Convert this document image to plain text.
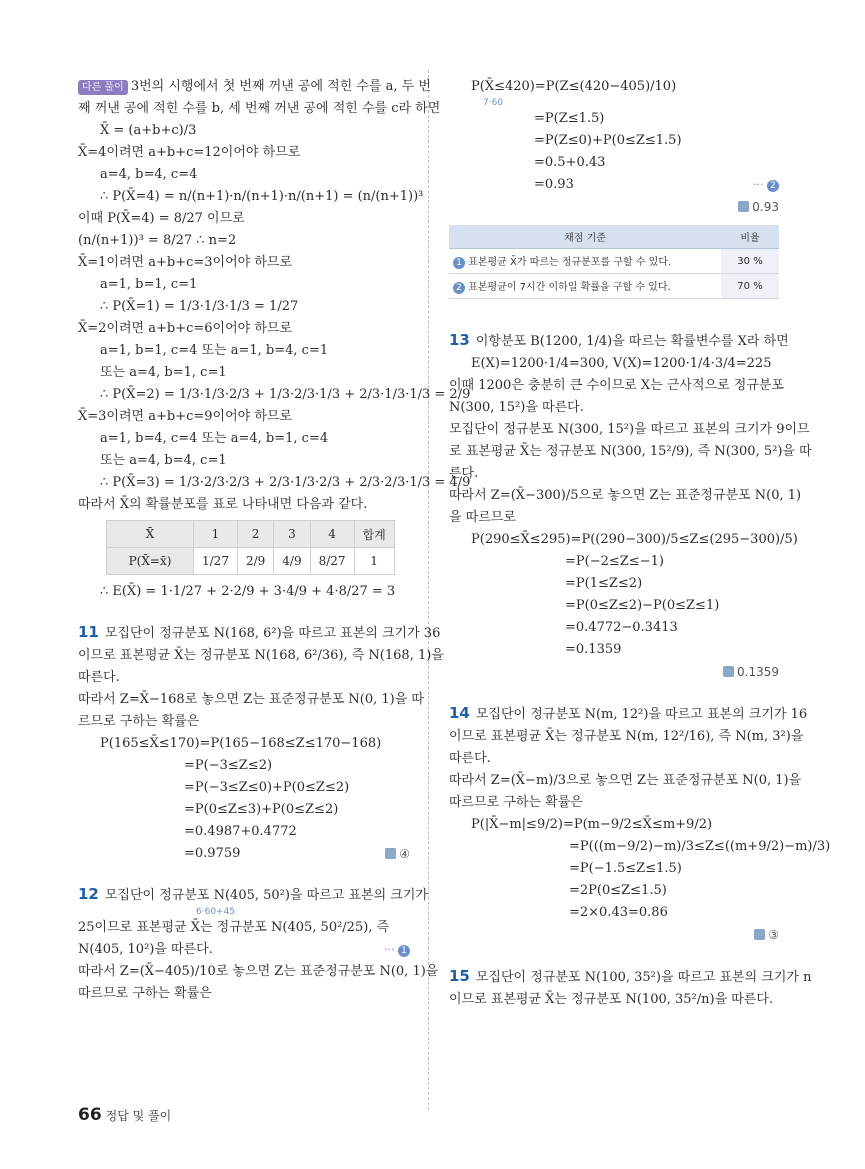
다른 풀이 3번의 시행에서 첫 번째 꺼낸 공에 적힌 수를 a, 두 번
째 꺼낸 공에 적힌 수를 b, 세 번째 꺼낸 공에 적힌 수를 c라 하면
X̄ = (a+b+c)/3
X̄=4이려면 a+b+c=12이어야 하므로
a=4, b=4, c=4
∴ P(X̄=4) = n/(n+1)·n/(n+1)·n/(n+1) = (n/(n+1))³
이때 P(X̄=4) = 8/27 이므로
(n/(n+1))³ = 8/27 ∴ n=2
X̄=1이려면 a+b+c=3이어야 하므로
a=1, b=1, c=1
∴ P(X̄=1) = 1/3·1/3·1/3 = 1/27
X̄=2이려면 a+b+c=6이어야 하므로
a=1, b=1, c=4 또는 a=1, b=4, c=1
또는 a=4, b=1, c=1
∴ P(X̄=2) = 1/3·1/3·2/3 + 1/3·2/3·1/3 + 2/3·1/3·1/3 = 2/9
X̄=3이려면 a+b+c=9이어야 하므로
a=1, b=4, c=4 또는 a=4, b=1, c=4
또는 a=4, b=4, c=1
∴ P(X̄=3) = 1/3·2/3·2/3 + 2/3·1/3·2/3 + 2/3·2/3·1/3 = 4/9
따라서 X̄의 확률분포를 표로 나타내면 다음과 같다.
X̄	1	2	3	4	합계
P(X̄=x̄)	1/27	2/9	4/9	8/27	1
∴ E(X̄) = 1·1/27 + 2·2/9 + 3·4/9 + 4·8/27 = 3
11 모집단이 정규분포 N(168, 6²)을 따르고 표본의 크기가 36
이므로 표본평균 X̄는 정규분포 N(168, 6²/36), 즉 N(168, 1)을
따른다.
따라서 Z=X̄−168로 놓으면 Z는 표준정규분포 N(0, 1)을 따
르므로 구하는 확률은
P(165≤X̄≤170)=P(165−168≤Z≤170−168)
=P(−3≤Z≤2)
=P(−3≤Z≤0)+P(0≤Z≤2)
=P(0≤Z≤3)+P(0≤Z≤2)
=0.4987+0.4772
=0.9759	④
12 모집단이 정규분포 N(405, 50²)을 따르고 표본의 크기가
6·60+45
25이므로 표본평균 X̄는 정규분포 N(405, 50²/25), 즉
N(405, 10²)을 따른다.	··· 1
따라서 Z=(X̄−405)/10로 놓으면 Z는 표준정규분포 N(0, 1)을
따르므로 구하는 확률은
P(X̄≤420)=P(Z≤(420−405)/10)
7·60
=P(Z≤1.5)
=P(Z≤0)+P(0≤Z≤1.5)
=0.5+0.43
=0.93	··· 2
0.93
채점 기준	비율
1 표본평균 X̄가 따르는 정규분포를 구할 수 있다.	30 %
2 표본평균이 7시간 이하일 확률을 구할 수 있다.	70 %
13 이항분포 B(1200, 1/4)을 따르는 확률변수를 X라 하면
E(X)=1200·1/4=300, V(X)=1200·1/4·3/4=225
이때 1200은 충분히 큰 수이므로 X는 근사적으로 정규분포
N(300, 15²)을 따른다.
모집단이 정규분포 N(300, 15²)을 따르고 표본의 크기가 9이므
로 표본평균 X̄는 정규분포 N(300, 15²/9), 즉 N(300, 5²)을 따
른다.
따라서 Z=(X̄−300)/5으로 놓으면 Z는 표준정규분포 N(0, 1)
을 따르므로
P(290≤X̄≤295)=P((290−300)/5≤Z≤(295−300)/5)
=P(−2≤Z≤−1)
=P(1≤Z≤2)
=P(0≤Z≤2)−P(0≤Z≤1)
=0.4772−0.3413
=0.1359
0.1359
14 모집단이 정규분포 N(m, 12²)을 따르고 표본의 크기가 16
이므로 표본평균 X̄는 정규분포 N(m, 12²/16), 즉 N(m, 3²)을
따른다.
따라서 Z=(X̄−m)/3으로 놓으면 Z는 표준정규분포 N(0, 1)을
따르므로 구하는 확률은
P(|X̄−m|≤9/2)=P(m−9/2≤X̄≤m+9/2)
=P(((m−9/2)−m)/3≤Z≤((m+9/2)−m)/3)
=P(−1.5≤Z≤1.5)
=2P(0≤Z≤1.5)
=2×0.43=0.86
③
15 모집단이 정규분포 N(100, 35²)을 따르고 표본의 크기가 n
이므로 표본평균 X̄는 정규분포 N(100, 35²/n)을 따른다.
66 정답 및 풀이
